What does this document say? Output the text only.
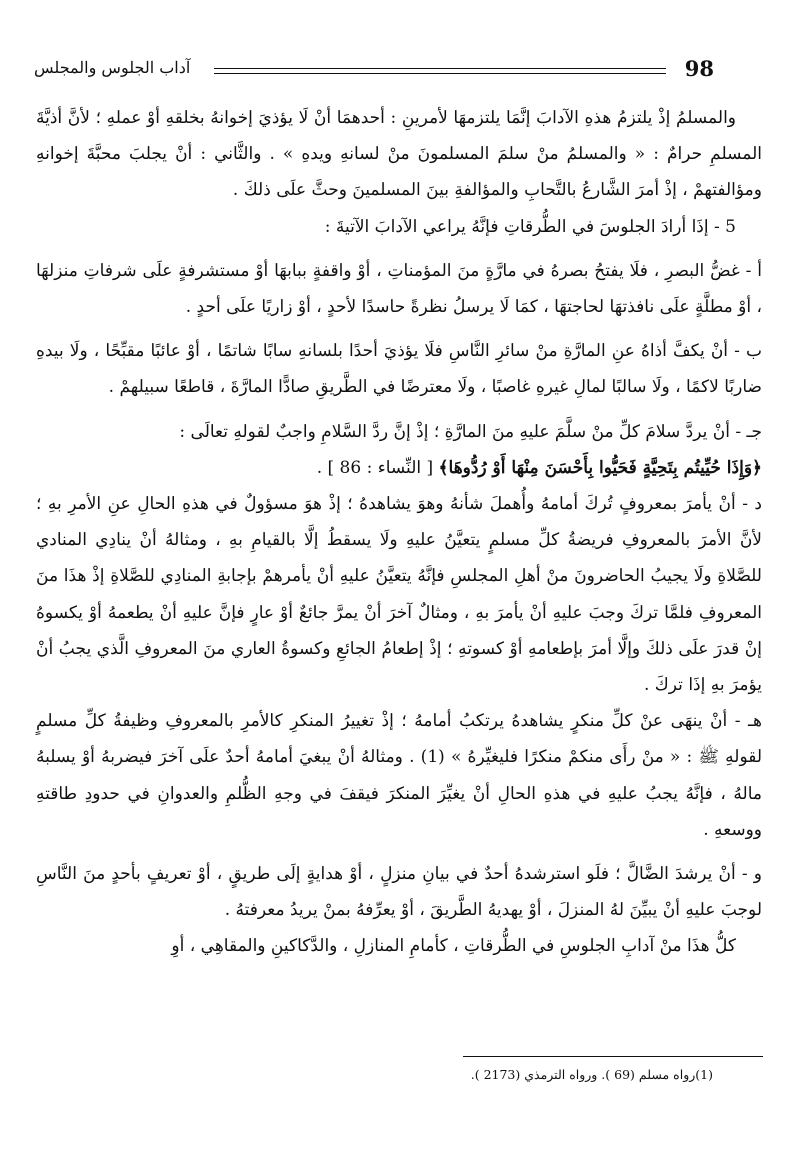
آداب الجلوس والمجلس	98

والمسلمُ إذْ يلتزمُ هذهِ الآدابَ إنَّمَا يلتزمهَا لأمرينِ : أحدهمَا أنْ لَا يؤذيَ إخوانهُ بخلقهِ أوْ عملهِ ؛ لأنَّ أذيَّةَ المسلمِ حرامٌ : « والمسلمُ منْ سلمَ المسلمونَ منْ لسانهِ ويدهِ » . والثَّاني : أنْ يجلبَ محبَّةَ إخوانهِ ومؤالفتهمْ ، إذْ أمرَ الشَّارعُ بالتَّحابِ والمؤالفةِ بينَ المسلمينَ وحثَّ علَى ذلكَ .

5 - إذَا أرادَ الجلوسَ في الطُّرقاتِ فإنَّهُ يراعي الآدابَ الآتيةَ :

أ - غضُّ البصرِ ، فلَا يفتحُ بصرهُ في مارَّةٍ منَ المؤمناتِ ، أوْ واقفةٍ ببابهَا أوْ مستشرفةٍ علَى شرفاتِ منزلهَا ، أوْ مطلَّةٍ علَى نافذتهَا لحاجتهَا ، كمَا لَا يرسلُ نظرةً حاسدًا لأحدٍ ، أوْ زاريًا علَى أحدٍ .

ب - أنْ يكفَّ أذاهُ عنِ المارَّةِ منْ سائرِ النَّاسِ فلَا يؤذيَ أحدًا بلسانهِ سابًا شاتمًا ، أوْ عائبًا مقبِّحًا ، ولَا بيدهِ ضاربًا لاكمًا ، ولَا سالبًا لمالِ غيرهِ غاصبًا ، ولَا معترضًا في الطَّريقِ صادًّا المارَّةَ ، قاطعًا سبيلهمْ .

جـ - أنْ يردَّ سلامَ كلِّ منْ سلَّمَ عليهِ منَ المارَّةِ ؛ إذْ إنَّ ردَّ السَّلامِ واجبٌ لقولهِ تعالَى :

﴿وَإِذَا حُيِّيتُم بِتَحِيَّةٍ فَحَيُّوا بِأَحْسَنَ مِنْهَا أَوْ رُدُّوهَا﴾ [ النِّساء : 86 ] .

د - أنْ يأمرَ بمعروفٍ تُركَ أمامهُ وأُهملَ شأنهُ وهوَ يشاهدهُ ؛ إذْ هوَ مسؤولٌ في هذهِ الحالِ عنِ الأمرِ بهِ ؛ لأنَّ الأمرَ بالمعروفِ فريضةُ كلِّ مسلمٍ يتعيَّنُ عليهِ ولَا يسقطُ إلَّا بالقيامِ بهِ ، ومثالهُ أنْ ينادِي المنادي للصَّلاةِ ولَا يجيبُ الحاضرونَ منْ أهلِ المجلسِ فإنَّهُ يتعيَّنُ عليهِ أنْ يأمرهمْ بإجابةِ المنادِي للصَّلاةِ إذْ هذَا منَ المعروفِ فلمَّا تركَ وجبَ عليهِ أنْ يأمرَ بهِ ، ومثالٌ آخرَ أنْ يمرَّ جائعٌ أوْ عارٍ فإنَّ عليهِ أنْ يطعمهُ أوْ يكسوهُ إنْ قدرَ علَى ذلكَ وإلَّا أمرَ بإطعامهِ أوْ كسوتهِ ؛ إذْ إطعامُ الجائعِ وكسوةُ العاري منَ المعروفِ الَّذي يجبُ أنْ يؤمرَ بهِ إذَا تركَ .

هـ - أنْ ينهَى عنْ كلِّ منكرٍ يشاهدهُ يرتكبُ أمامهُ ؛ إذْ تغييرُ المنكرِ كالأمرِ بالمعروفِ وظيفةُ كلِّ مسلمٍ لقولهِ ﷺ : « منْ رأَى منكمْ منكرًا فليغيِّرهُ » (1) . ومثالهُ أنْ يبغيَ أمامهُ أحدٌ علَى آخرَ فيضربهُ أوْ يسلبهُ مالهُ ، فإنَّهُ يجبُ عليهِ في هذهِ الحالِ أنْ يغيِّرَ المنكرَ فيقفَ في وجهِ الظُّلمِ والعدوانِ في حدودِ طاقتهِ ووسعهِ .

و - أنْ يرشدَ الضَّالَّ ؛ فلَو استرشدهُ أحدٌ في بيانِ منزلٍ ، أوْ هدايةٍ إلَى طريقٍ ، أوْ تعريفٍ بأحدٍ منَ النَّاسِ لوجبَ عليهِ أنْ يبيِّنَ لهُ المنزلَ ، أوْ يهديهُ الطَّريقَ ، أوْ يعرِّفهُ بمنْ يريدُ معرفتهُ .

كلُّ هذَا منْ آدابِ الجلوسِ في الطُّرقاتِ ، كأمامِ المنازلِ ، والدَّكاكينِ والمقاهِي ، أوِ

(1)رواه مسلم (69 ). ورواه الترمذي (2173 ).
